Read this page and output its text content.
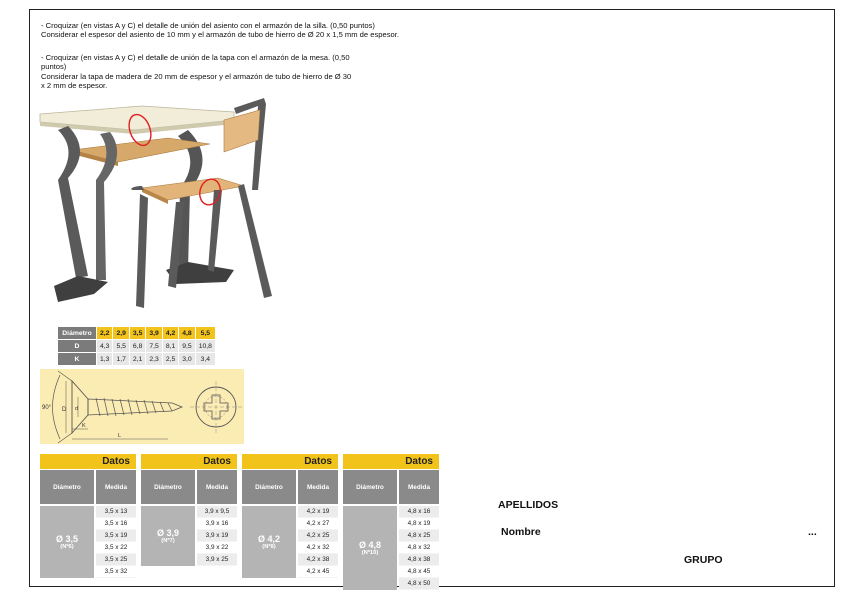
- Croquizar (en vistas A y C) el detalle de unión del asiento con el armazón de la silla. (0,50 puntos)

Considerar el espesor del asiento de 10 mm y el armazón de tubo de hierro de Ø 20 x 1,5 mm de espesor.

- Croquizar (en vistas A y C) el detalle de unión de la tapa con el armazón de la mesa. (0,50 puntos)

Considerar la tapa de madera de 20 mm de espesor y el armazón de tubo de hierro de Ø 30 x 2 mm de espesor.

Diámetro	2,2	2,9	3,5	3,9	4,2	4,8	5,5
D	4,3	5,5	6,8	7,5	8,1	9,5	10,8
K	1,3	1,7	2,1	2,3	2,5	3,0	3,4
90° D d
K
L
Datos
Diámetro	Medida
Ø 3,5
(Nº6)
3,5 x 13
3,5 x 16
3,5 x 19
3,5 x 22
3,5 x 25
3,5 x 32
Datos
Diámetro	Medida
Ø 3,9
(Nº7)
3,9 x 9,5
3,9 x 16
3,9 x 19
3,9 x 22
3,9 x 25
Datos
Diámetro	Medida
Ø 4,2
(Nº8)
4,2 x 19
4,2 x 27
4,2 x 25
4,2 x 32
4,2 x 38
4,2 x 45
Datos
Diámetro	Medida
Ø 4,8
(Nº10)
4,8 x 16
4,8 x 19
4,8 x 25
4,8 x 32
4,8 x 38
4,8 x 45
4,8 x 50
APELLIDOS
Nombre	...
GRUPO
